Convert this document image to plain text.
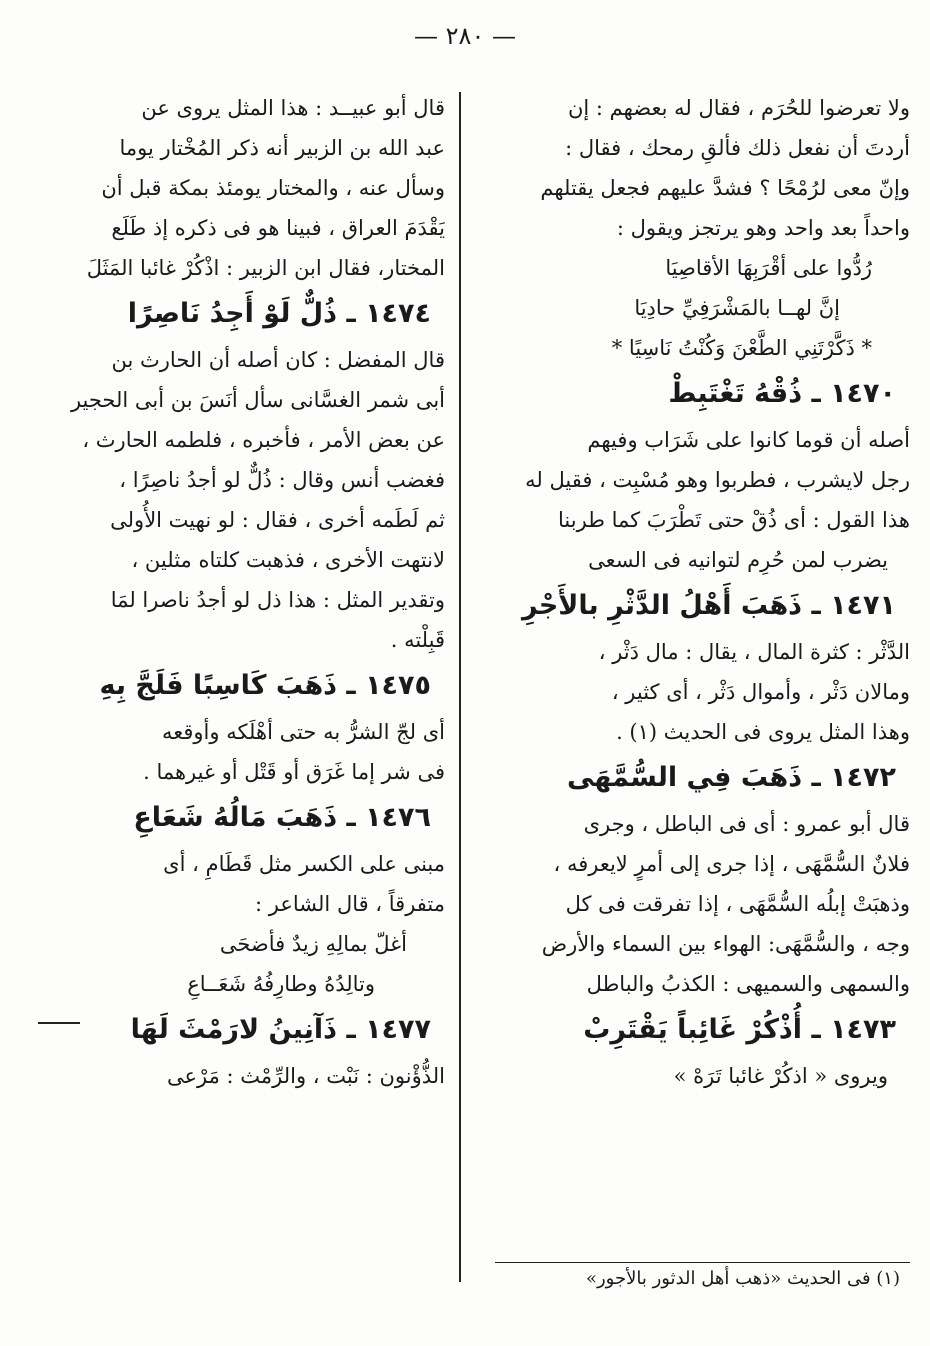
— ٢٨٠ —

ولا تعرضوا للحُرَم ، فقال له بعضهم : إن

أردتَ أن نفعل ذلك فألقِ رمحك ، فقال :

وإنّ معى لرُمْحًا ؟ فشدَّ عليهم فجعل يقتلهم

واحداً بعد واحد وهو يرتجز ويقول :

رُدُّوا على أقْرَبِهَا الأقاصِيَا

إنَّ لهــا بالمَشْرَفِيِّ حادِيَا

* ذَكَّرْتَنِي الطَّعْنَ وَكُنْتُ نَاسِيًا *

١٤٧٠ ـ ذُقْهُ تَغْتَبِطْ

أصله أن قوما كانوا على شَرَاب وفيهم

رجل لايشرب ، فطربوا وهو مُسْبِت ، فقيل له

هذا القول : أى ذُقْ حتى تَطْرَبَ كما طربنا

يضرب لمن حُرِم لتوانيه فى السعى

١٤٧١ ـ ذَهَبَ أَهْلُ الدَّثْرِ بالأَجْرِ

الدَّثْر : كثرة المال ، يقال : مال دَثْر ،

ومالان دَثْر ، وأموال دَثْر ، أى كثير ،

وهذا المثل يروى فى الحديث (١) .

١٤٧٢ ـ ذَهَبَ فِي السُّمَّهَى

قال أبو عمرو : أى فى الباطل ، وجرى

فلانٌ السُّمَّهَى ، إذا جرى إلى أمرٍ لايعرفه ،

وذهبَتْ إبلُه السُّمَّهَى ، إذا تفرقت فى كل

وجه ، والسُّمَّهَى: الهواء بين السماء والأرض

والسمهى والسميهى : الكذبُ والباطل

١٤٧٣ ـ أُذْكُرْ غَائِباً يَقْتَرِبْ

ويروى « اذكُرْ غائبا تَرَهْ »

قال أبو عبيــد : هذا المثل يروى عن

عبد الله بن الزبير أنه ذكر المُخْتار يوما

وسأل عنه ، والمختار يومئذ بمكة قبل أن

يَقْدَمَ العراق ، فبينا هو فى ذكره إذ طَلَع

المختار، فقال ابن الزبير : اذْكُرْ غائبا المَثَلَ

١٤٧٤ ـ ذُلٌّ لَوْ أَجِدُ نَاصِرًا

قال المفضل : كان أصله أن الحارث بن

أبى شمر الغسَّانى سأل أنَسَ بن أبى الحجير

عن بعض الأمر ، فأخبره ، فلطمه الحارث ،

فغضب أنس وقال : ذُلٌّ لو أجدُ ناصِرًا ،

ثم لَطَمه أخرى ، فقال : لو نهيت الأُولى

لانتهت الأخرى ، فذهبت كلتاه مثلين ،

وتقدير المثل : هذا ذل لو أجدُ ناصرا لمَا

قَبِلْته .

١٤٧٥ ـ ذَهَبَ كَاسِبًا فَلَجَّ بِهِ

أى لجّ الشرُّ به حتى أهْلَكه وأوقعه

فى شر إما غَرَق أو قَتْل أو غيرهما .

١٤٧٦ ـ ذَهَبَ مَالُهُ شَعَاعِ

مبنى على الكسر مثل قَطَامِ ، أى

متفرقاً ، قال الشاعر :

أغلّ بمالِهِ زيدٌ فأضحَى

وتالِدُهُ وطارِفُهُ شَعَــاعِ

١٤٧٧ ـ ذَآنِينُ لارَمْثَ لَهَا

الذُّؤْنون : نَبْت ، والرِّمْث : مَرْعى

(١) فى الحديث «ذهب أهل الدثور بالأجور»
